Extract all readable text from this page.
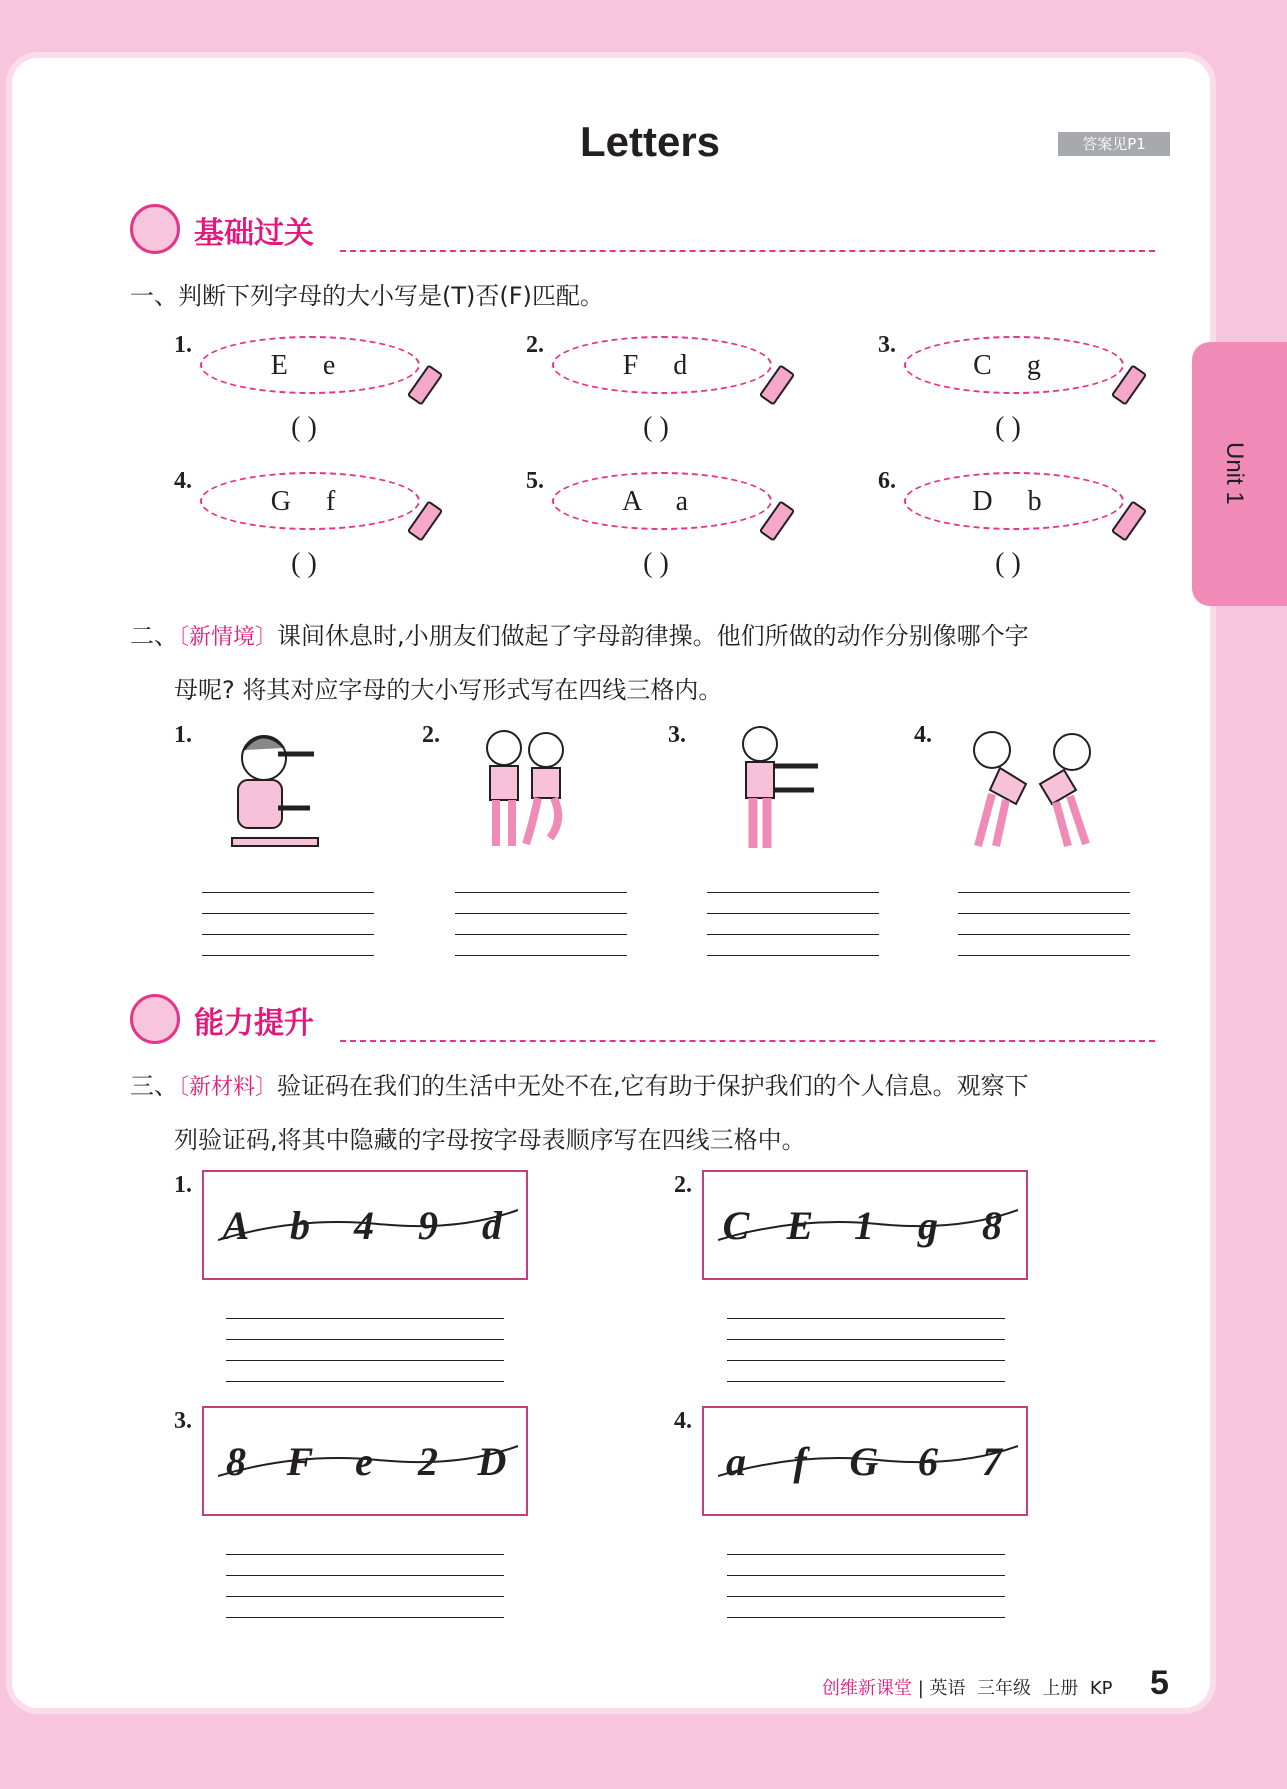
Letters	答案见P1
Unit 1
基础过关
一、判断下列字母的大小写是(T)否(F)匹配。
1.
E e
( )
2.
F d
( )
3.
C g
( )
4.
G f
( )
5.
A a
( )
6.
D b
( )
二、〔新情境〕课间休息时,小朋友们做起了字母韵律操。他们所做的动作分别像哪个字
母呢? 将其对应字母的大小写形式写在四线三格内。
1.	2.	3.	4.
能力提升
三、〔新材料〕验证码在我们的生活中无处不在,它有助于保护我们的个人信息。观察下
列验证码,将其中隐藏的字母按字母表顺序写在四线三格中。
1.
A b 4 9 d
2.
C E 1 g 8
3.
8 F e 2 D
4.
a f G 6 7
创维新课堂 | 英语 三年级 上册 KP 5
